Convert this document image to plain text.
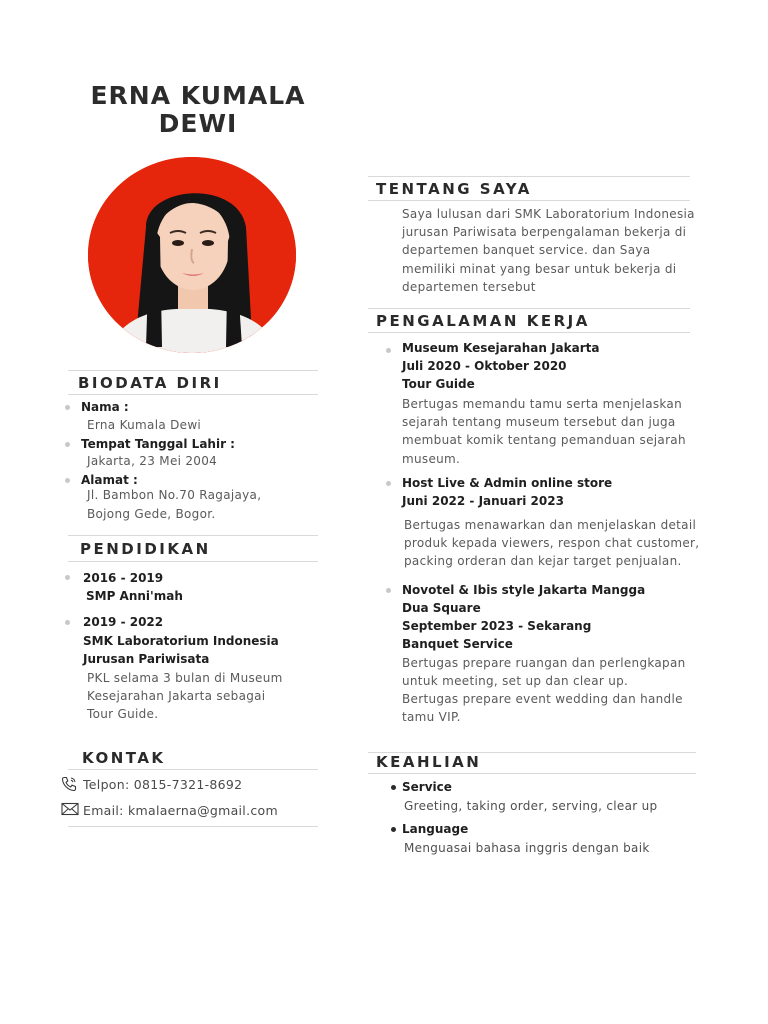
ERNA KUMALA
DEWI
BIODATA DIRI
Nama :
Erna Kumala Dewi
Tempat Tanggal Lahir :
Jakarta, 23 Mei 2004
Alamat :
Jl. Bambon No.70 Ragajaya,
Bojong Gede, Bogor.
PENDIDIKAN
2016 - 2019
SMP Anni'mah
2019 - 2022
SMK Laboratorium Indonesia
Jurusan Pariwisata
PKL selama 3 bulan di Museum
Kesejarahan Jakarta sebagai
Tour Guide.
KONTAK
Telpon: 0815-7321-8692
Email: kmalaerna@gmail.com
TENTANG SAYA
Saya lulusan dari SMK Laboratorium Indonesia
jurusan Pariwisata berpengalaman bekerja di
departemen banquet service. dan Saya
memiliki minat yang besar untuk bekerja di
departemen tersebut
PENGALAMAN KERJA
Museum Kesejarahan Jakarta
Juli 2020 - Oktober 2020
Tour Guide
Bertugas memandu tamu serta menjelaskan
sejarah tentang museum tersebut dan juga
membuat komik tentang pemanduan sejarah
museum.
Host Live & Admin online store
Juni 2022 - Januari 2023
Bertugas menawarkan dan menjelaskan detail
produk kepada viewers, respon chat customer,
packing orderan dan kejar target penjualan.
Novotel & Ibis style Jakarta Mangga
Dua Square
September 2023 - Sekarang
Banquet Service
Bertugas prepare ruangan dan perlengkapan
untuk meeting, set up dan clear up.
Bertugas prepare event wedding dan handle
tamu VIP.
KEAHLIAN
Service
Greeting, taking order, serving, clear up
Language
Menguasai bahasa inggris dengan baik
